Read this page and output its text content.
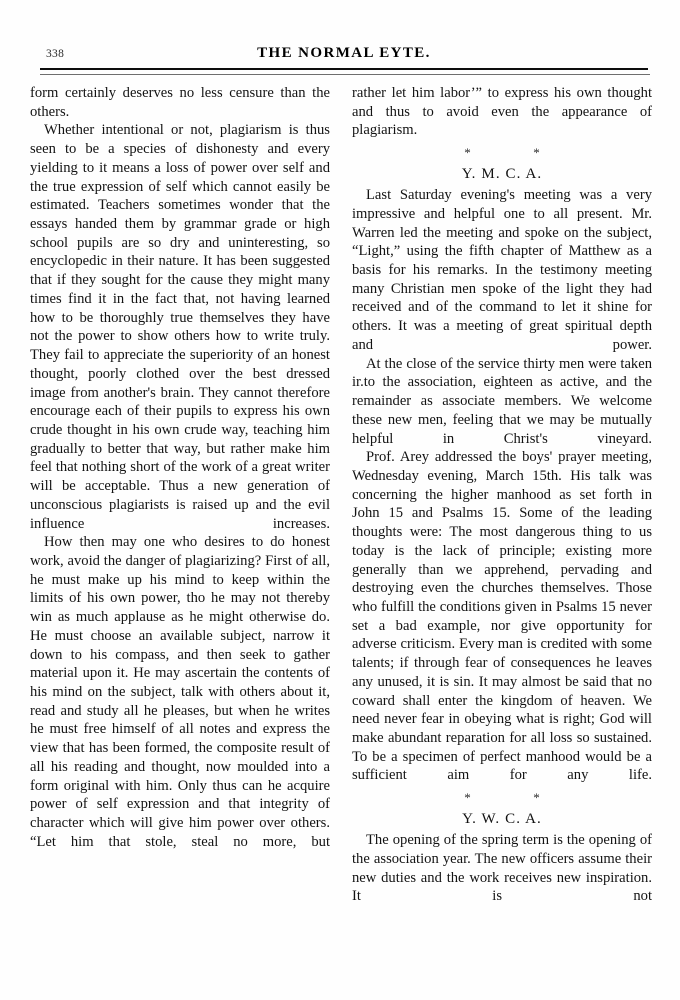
338	THE NORMAL EYTE.

form certainly deserves no less censure than the others.

Whether intentional or not, plagiarism is thus seen to be a species of dishonesty and every yielding to it means a loss of power over self and the true expression of self which cannot easily be estimated. Teachers sometimes wonder that the essays handed them by grammar grade or high school pupils are so dry and uninteresting, so encyclopedic in their nature. It has been suggested that if they sought for the cause they might many times find it in the fact that, not having learned how to be thoroughly true themselves they have not the power to show others how to write truly. They fail to appreciate the superiority of an honest thought, poorly clothed over the best dressed image from another's brain. They cannot therefore encourage each of their pupils to express his own crude thought in his own crude way, teaching him gradually to better that way, but rather make him feel that nothing short of the work of a great writer will be acceptable. Thus a new generation of unconscious plagiarists is raised up and the evil influence increases.

How then may one who desires to do honest work, avoid the danger of plagiarizing? First of all, he must make up his mind to keep within the limits of his own power, tho he may not thereby win as much applause as he might otherwise do. He must choose an available subject, narrow it down to his compass, and then seek to gather material upon it. He may ascertain the contents of his mind on the subject, talk with others about it, read and study all he pleases, but when he writes he must free himself of all notes and express the view that has been formed, the composite result of all his reading and thought, now moulded into a form original with him. Only thus can he acquire power of self expression and that integrity of character which will give him power over others. “Let him that stole, steal no more, but

rather let him labor’” to express his own thought and thus to avoid even the appearance of plagiarism.

* *
Y. M. C. A.

Last Saturday evening's meeting was a very impressive and helpful one to all present. Mr. Warren led the meeting and spoke on the subject, “Light,” using the fifth chapter of Matthew as a basis for his remarks. In the testimony meeting many Christian men spoke of the light they had received and of the command to let it shine for others. It was a meeting of great spiritual depth and power.

At the close of the service thirty men were taken ir.to the association, eighteen as active, and the remainder as associate members. We welcome these new men, feeling that we may be mutually helpful in Christ's vineyard.

Prof. Arey addressed the boys' prayer meeting, Wednesday evening, March 15th. His talk was concerning the higher manhood as set forth in John 15 and Psalms 15. Some of the leading thoughts were: The most dangerous thing to us today is the lack of principle; existing more generally than we apprehend, pervading and destroying even the churches themselves. Those who fulfill the conditions given in Psalms 15 never set a bad example, nor give opportunity for adverse criticism. Every man is credited with some talents; if through fear of consequences he leaves any unused, it is sin. It may almost be said that no coward shall enter the kingdom of heaven. We need never fear in obeying what is right; God will make abundant reparation for all loss so sustained. To be a specimen of perfect manhood would be a sufficient aim for any life.

* *
Y. W. C. A.

The opening of the spring term is the opening of the association year. The new officers assume their new duties and the work receives new inspiration. It is not
